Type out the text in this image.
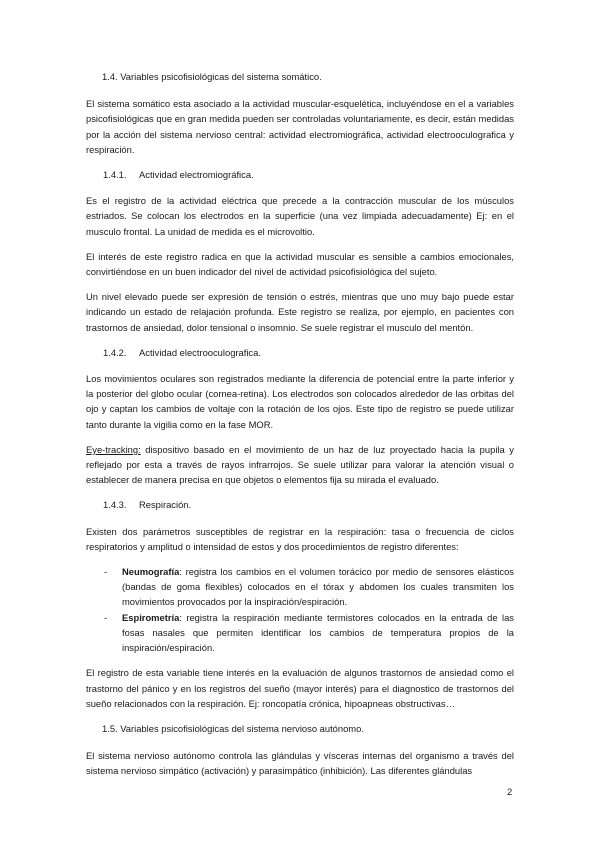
1.4. Variables psicofisiológicas del sistema somático.

El sistema somático esta asociado a la actividad muscular-esquelética, incluyéndose en el a variables psicofisiológicas que en gran medida pueden ser controladas voluntariamente, es decir, están medidas por la acción del sistema nervioso central: actividad electromiográfica, actividad electrooculografica y respiración.

1.4.1. Actividad electromiográfica.

Es el registro de la actividad eléctrica que precede a la contracción muscular de los músculos estriados. Se colocan los electrodos en la superficie (una vez limpiada adecuadamente) Ej: en el musculo frontal. La unidad de medida es el microvoltio.

El interés de este registro radica en que la actividad muscular es sensible a cambios emocionales, convirtiéndose en un buen indicador del nivel de actividad psicofisiológica del sujeto.

Un nivel elevado puede ser expresión de tensión o estrés, mientras que uno muy bajo puede estar indicando un estado de relajación profunda. Este registro se realiza, por ejemplo, en pacientes con trastornos de ansiedad, dolor tensional o insomnio. Se suele registrar el musculo del mentón.

1.4.2. Actividad electrooculografica.

Los movimientos oculares son registrados mediante la diferencia de potencial entre la parte inferior y la posterior del globo ocular (cornea-retina). Los electrodos son colocados alrededor de las orbitas del ojo y captan los cambios de voltaje con la rotación de los ojos. Este tipo de registro se puede utilizar tanto durante la vigilia como en la fase MOR.

Eye-tracking: dispositivo basado en el movimiento de un haz de luz proyectado hacia la pupila y reflejado por esta a través de rayos infrarrojos. Se suele utilizar para valorar la atención visual o establecer de manera precisa en que objetos o elementos fija su mirada el evaluado.

1.4.3. Respiración.

Existen dos parámetros susceptibles de registrar en la respiración: tasa o frecuencia de ciclos respiratorios y amplitud o intensidad de estos y dos procedimientos de registro diferentes:

- Neumografía: registra los cambios en el volumen torácico por medio de sensores elásticos (bandas de goma flexibles) colocados en el tórax y abdomen los cuales transmiten los movimientos provocados por la inspiración/espiración.
- Espirometría: registra la respiración mediante termistores colocados en la entrada de las fosas nasales que permiten identificar los cambios de temperatura propios de la inspiración/espiración.

El registro de esta variable tiene interés en la evaluación de algunos trastornos de ansiedad como el trastorno del pánico y en los registros del sueño (mayor interés) para el diagnostico de trastornos del sueño relacionados con la respiración. Ej: roncopatía crónica, hipoapneas obstructivas…

1.5. Variables psicofisiológicas del sistema nervioso autónomo.

El sistema nervioso autónomo controla las glándulas y vísceras internas del organismo a través del sistema nervioso simpático (activación) y parasimpático (inhibición). Las diferentes glándulas

2
